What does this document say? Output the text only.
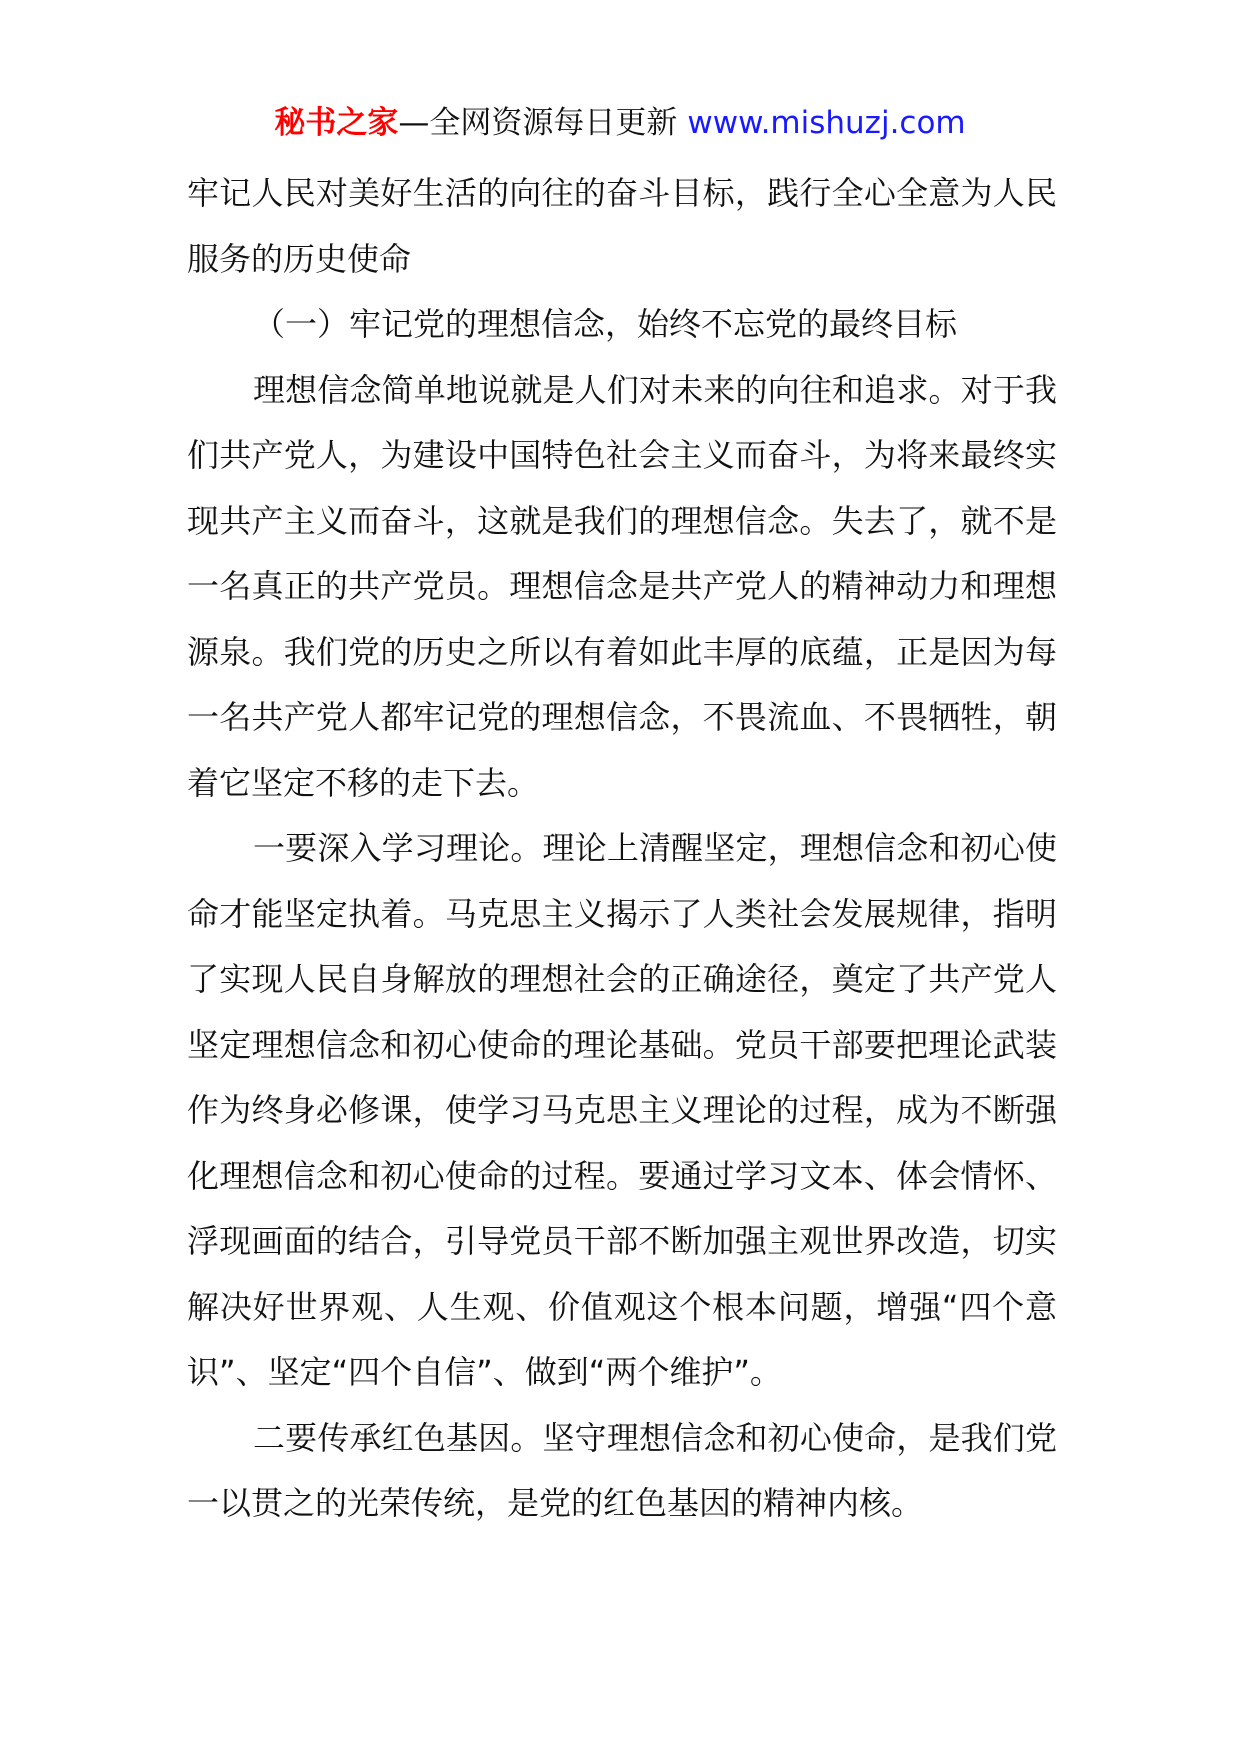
秘书之家—全网资源每日更新 www.mishuzj.com

牢记人民对美好生活的向往的奋斗目标，践行全心全意为人民服务的历史使命

（一）牢记党的理想信念，始终不忘党的最终目标

理想信念简单地说就是人们对未来的向往和追求。对于我们共产党人，为建设中国特色社会主义而奋斗，为将来最终实现共产主义而奋斗，这就是我们的理想信念。失去了，就不是一名真正的共产党员。理想信念是共产党人的精神动力和理想源泉。我们党的历史之所以有着如此丰厚的底蕴，正是因为每一名共产党人都牢记党的理想信念，不畏流血、不畏牺牲，朝着它坚定不移的走下去。

一要深入学习理论。理论上清醒坚定，理想信念和初心使命才能坚定执着。马克思主义揭示了人类社会发展规律，指明了实现人民自身解放的理想社会的正确途径，奠定了共产党人坚定理想信念和初心使命的理论基础。党员干部要把理论武装作为终身必修课，使学习马克思主义理论的过程，成为不断强化理想信念和初心使命的过程。要通过学习文本、体会情怀、浮现画面的结合，引导党员干部不断加强主观世界改造，切实解决好世界观、人生观、价值观这个根本问题，增强“四个意识”、坚定“四个自信”、做到“两个维护”。

二要传承红色基因。坚守理想信念和初心使命，是我们党一以贯之的光荣传统，是党的红色基因的精神内核。
